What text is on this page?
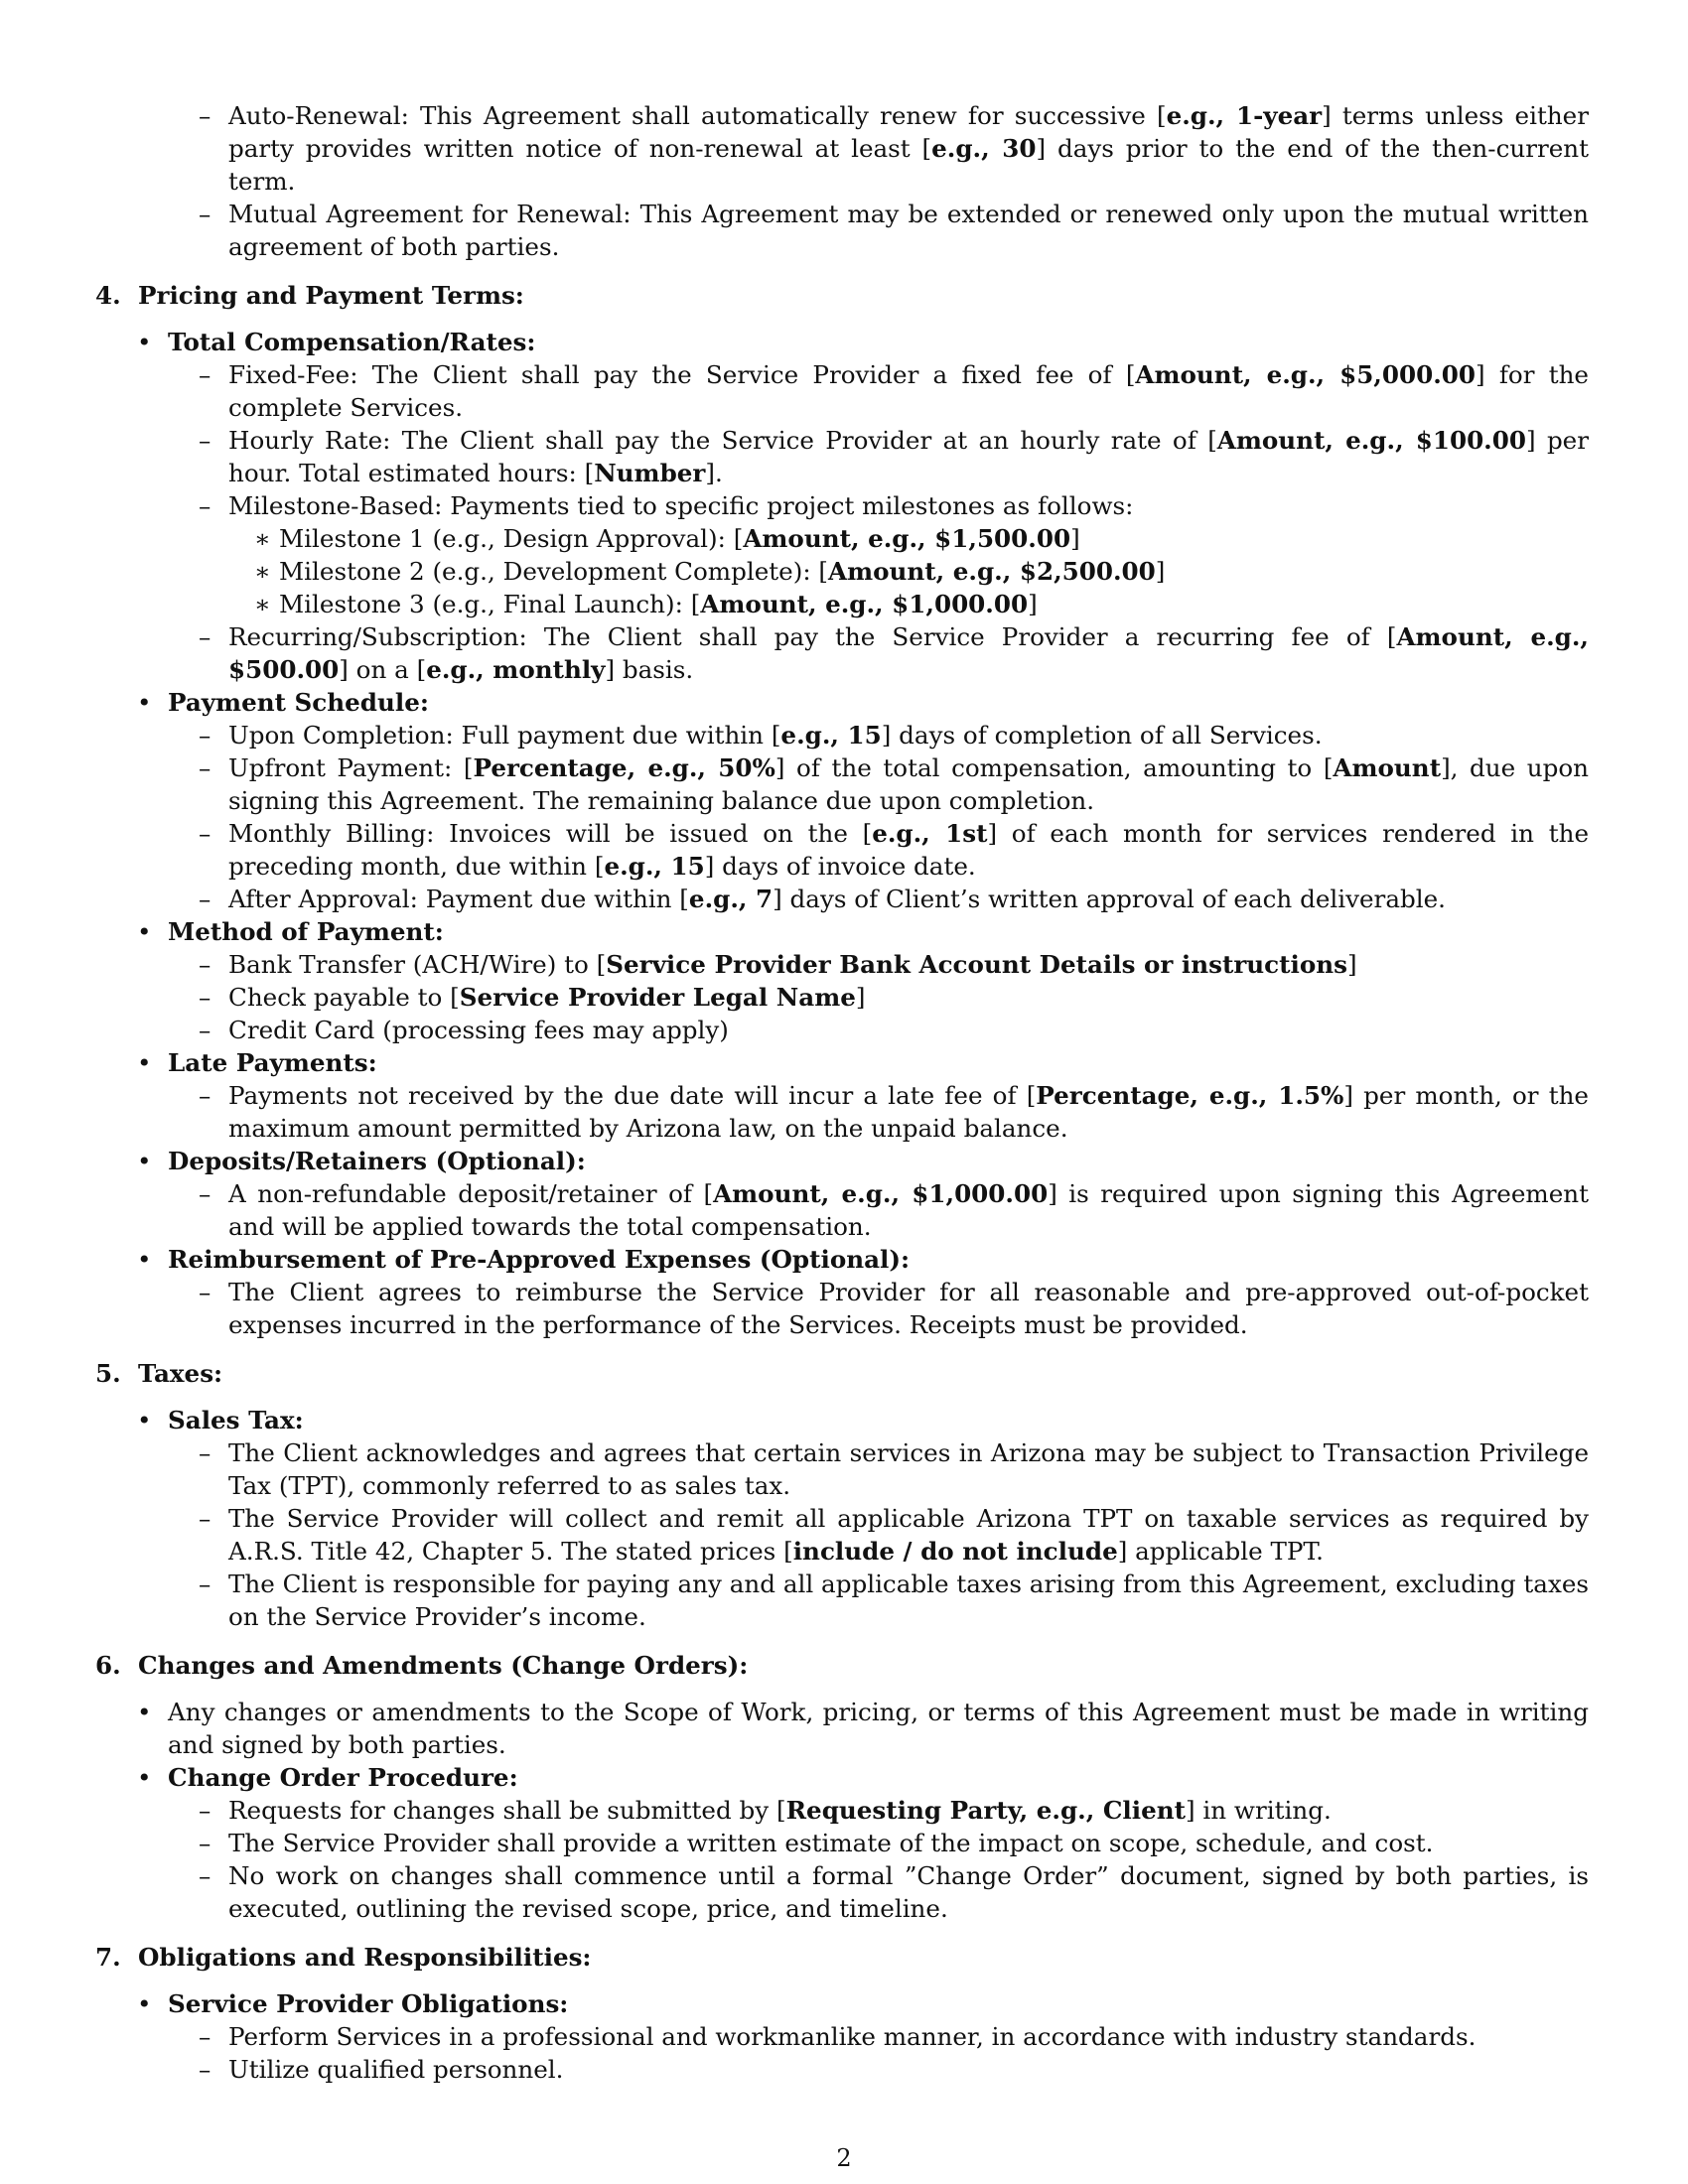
– Auto-Renewal: This Agreement shall automatically renew for successive [e.g., 1-year] terms unless either party provides written notice of non-renewal at least [e.g., 30] days prior to the end of the then-current term.
– Mutual Agreement for Renewal: This Agreement may be extended or renewed only upon the mutual written agreement of both parties.
4. Pricing and Payment Terms:
• Total Compensation/Rates:
– Fixed-Fee: The Client shall pay the Service Provider a fixed fee of [Amount, e.g., $5,000.00] for the complete Services.
– Hourly Rate: The Client shall pay the Service Provider at an hourly rate of [Amount, e.g., $100.00] per hour. Total estimated hours: [Number].
– Milestone-Based: Payments tied to specific project milestones as follows:
∗ Milestone 1 (e.g., Design Approval): [Amount, e.g., $1,500.00]
∗ Milestone 2 (e.g., Development Complete): [Amount, e.g., $2,500.00]
∗ Milestone 3 (e.g., Final Launch): [Amount, e.g., $1,000.00]
– Recurring/Subscription: The Client shall pay the Service Provider a recurring fee of [Amount, e.g., $500.00] on a [e.g., monthly] basis.
• Payment Schedule:
– Upon Completion: Full payment due within [e.g., 15] days of completion of all Services.
– Upfront Payment: [Percentage, e.g., 50%] of the total compensation, amounting to [Amount], due upon signing this Agreement. The remaining balance due upon completion.
– Monthly Billing: Invoices will be issued on the [e.g., 1st] of each month for services rendered in the preceding month, due within [e.g., 15] days of invoice date.
– After Approval: Payment due within [e.g., 7] days of Client’s written approval of each deliverable.
• Method of Payment:
– Bank Transfer (ACH/Wire) to [Service Provider Bank Account Details or instructions]
– Check payable to [Service Provider Legal Name]
– Credit Card (processing fees may apply)
• Late Payments:
– Payments not received by the due date will incur a late fee of [Percentage, e.g., 1.5%] per month, or the maximum amount permitted by Arizona law, on the unpaid balance.
• Deposits/Retainers (Optional):
– A non-refundable deposit/retainer of [Amount, e.g., $1,000.00] is required upon signing this Agreement and will be applied towards the total compensation.
• Reimbursement of Pre-Approved Expenses (Optional):
– The Client agrees to reimburse the Service Provider for all reasonable and pre-approved out-of-pocket expenses incurred in the performance of the Services. Receipts must be provided.
5. Taxes:
• Sales Tax:
– The Client acknowledges and agrees that certain services in Arizona may be subject to Transaction Privilege Tax (TPT), commonly referred to as sales tax.
– The Service Provider will collect and remit all applicable Arizona TPT on taxable services as required by A.R.S. Title 42, Chapter 5. The stated prices [include / do not include] applicable TPT.
– The Client is responsible for paying any and all applicable taxes arising from this Agreement, excluding taxes on the Service Provider’s income.
6. Changes and Amendments (Change Orders):
• Any changes or amendments to the Scope of Work, pricing, or terms of this Agreement must be made in writing and signed by both parties.
• Change Order Procedure:
– Requests for changes shall be submitted by [Requesting Party, e.g., Client] in writing.
– The Service Provider shall provide a written estimate of the impact on scope, schedule, and cost.
– No work on changes shall commence until a formal ”Change Order” document, signed by both parties, is executed, outlining the revised scope, price, and timeline.
7. Obligations and Responsibilities:
• Service Provider Obligations:
– Perform Services in a professional and workmanlike manner, in accordance with industry standards.
– Utilize qualified personnel.
2
